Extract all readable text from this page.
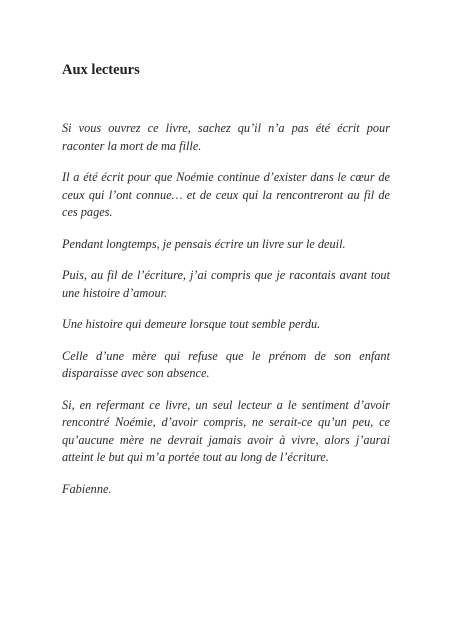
Aux lecteurs

Si vous ouvrez ce livre, sachez qu’il n’a pas été écrit pour raconter la mort de ma fille.

Il a été écrit pour que Noémie continue d’exister dans le cœur de ceux qui l’ont connue… et de ceux qui la rencontreront au fil de ces pages.

Pendant longtemps, je pensais écrire un livre sur le deuil.

Puis, au fil de l’écriture, j’ai compris que je racontais avant tout une histoire d’amour.

Une histoire qui demeure lorsque tout semble perdu.

Celle d’une mère qui refuse que le prénom de son enfant disparaisse avec son absence.

Si, en refermant ce livre, un seul lecteur a le sentiment d’avoir rencontré Noémie, d’avoir compris, ne serait-ce qu’un peu, ce qu’aucune mère ne devrait jamais avoir à vivre, alors j’aurai atteint le but qui m’a portée tout au long de l’écriture.

Fabienne.
